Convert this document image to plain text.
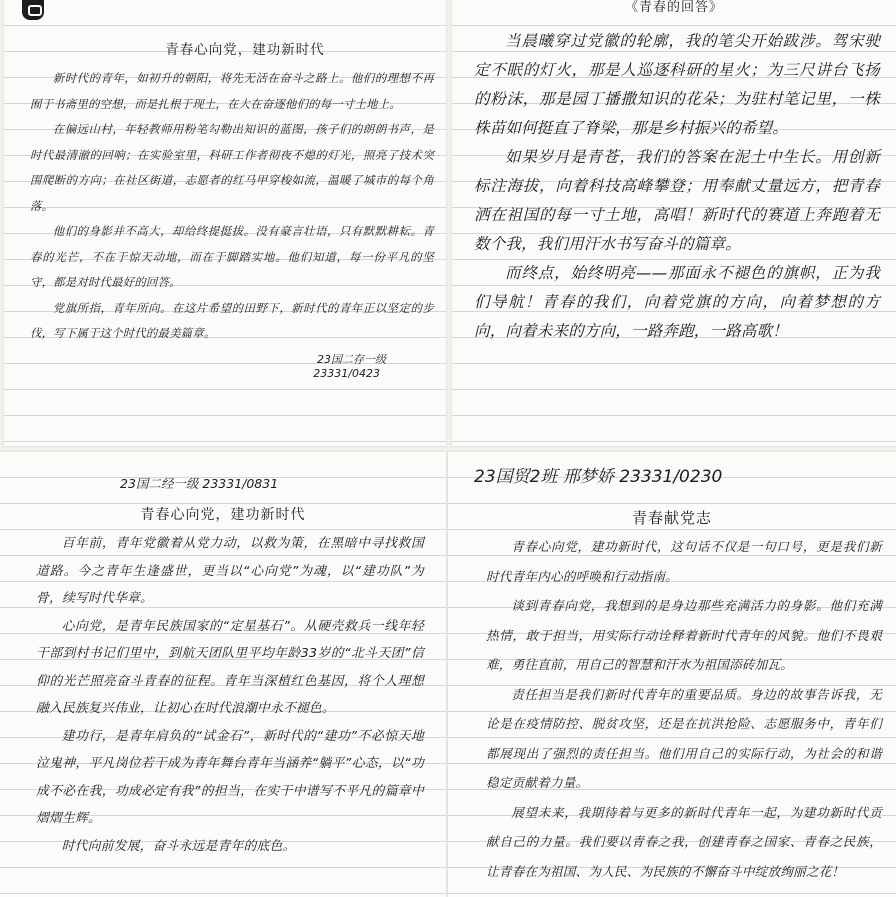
青春心向党，建功新时代

新时代的青年，如初升的朝阳，将先无活在奋斗之路上。他们的理想不再囿于书斋里的空想，而是扎根于现土，在大在奋逐他们的每一寸土地上。

在偏远山村，年轻教师用粉笔勾勒出知识的蓝图，孩子们的朗朗书声，是时代最清澈的回响；在实验室里，科研工作者彻夜不熄的灯光，照亮了技术突围爬断的方向；在社区街道，志愿者的红马甲穿梭如流，温暖了城市的每个角落。

他们的身影并不高大，却给终提挺拔。没有豪言壮语，只有默默耕耘。青春的光芒，不在于惊天动地，而在于脚踏实地。他们知道，每一份平凡的坚守，都是对时代最好的回答。

党旗所指，青年所向。在这片希望的田野下，新时代的青年正以坚定的步伐，写下属于这个时代的最美篇章。

23国二存一级
23331/0423
《青春的回答》

当晨曦穿过党徽的轮廓，我的笔尖开始跋涉。驾宋驶定不眠的灯火，那是人巡逐科研的星火；为三尺讲台飞扬的粉沫，那是园丁播撒知识的花朵；为驻村笔记里，一株株苗如何挺直了脊梁，那是乡村振兴的希望。

如果岁月是青苍，我们的答案在泥土中生长。用创新标注海拔，向着科技高峰攀登；用奉献丈量远方，把青春洒在祖国的每一寸土地，高唱！新时代的赛道上奔跑着无数个我，我们用汗水书写奋斗的篇章。

而终点，始终明亮——那面永不褪色的旗帜，正为我们导航！青春的我们，向着党旗的方向，向着梦想的方向，向着未来的方向，一路奔跑，一路高歌！

23国二经一级 23331/0831
青春心向党，建功新时代

百年前，青年党徽着从党力动，以救为策，在黑暗中寻找救国道路。今之青年生逢盛世，更当以“心向党”为魂，以“建功队”为骨，续写时代华章。

心向党，是青年民族国家的“定星基石”。从硬壳救兵一线年轻干部到村书记们里中，到航天团队里平均年龄33岁的“北斗天团”信仰的光芒照亮奋斗青春的征程。青年当深植红色基因，将个人理想融入民族复兴伟业，让初心在时代浪潮中永不褪色。

建功行，是青年肩负的“试金石”，新时代的“建功”不必惊天地泣鬼神，平凡岗位若干成为青年舞台青年当涵养“躺平”心态，以“功成不必在我，功成必定有我”的担当，在实干中谱写不平凡的篇章中熠熠生辉。

时代向前发展，奋斗永远是青年的底色。

23国贸2班 邢梦娇 23331/0230
青春献党志

青春心向党，建功新时代，这句话不仅是一句口号，更是我们新时代青年内心的呼唤和行动指南。

谈到青春向党，我想到的是身边那些充满活力的身影。他们充满热情，敢于担当，用实际行动诠释着新时代青年的风貌。他们不畏艰难，勇往直前，用自己的智慧和汗水为祖国添砖加瓦。

责任担当是我们新时代青年的重要品质。身边的故事告诉我，无论是在疫情防控、脱贫攻坚，还是在抗洪抢险、志愿服务中，青年们都展现出了强烈的责任担当。他们用自己的实际行动，为社会的和谐稳定贡献着力量。

展望未来，我期待着与更多的新时代青年一起，为建功新时代贡献自己的力量。我们要以青春之我，创建青春之国家、青春之民族，让青春在为祖国、为人民、为民族的不懈奋斗中绽放绚丽之花！
